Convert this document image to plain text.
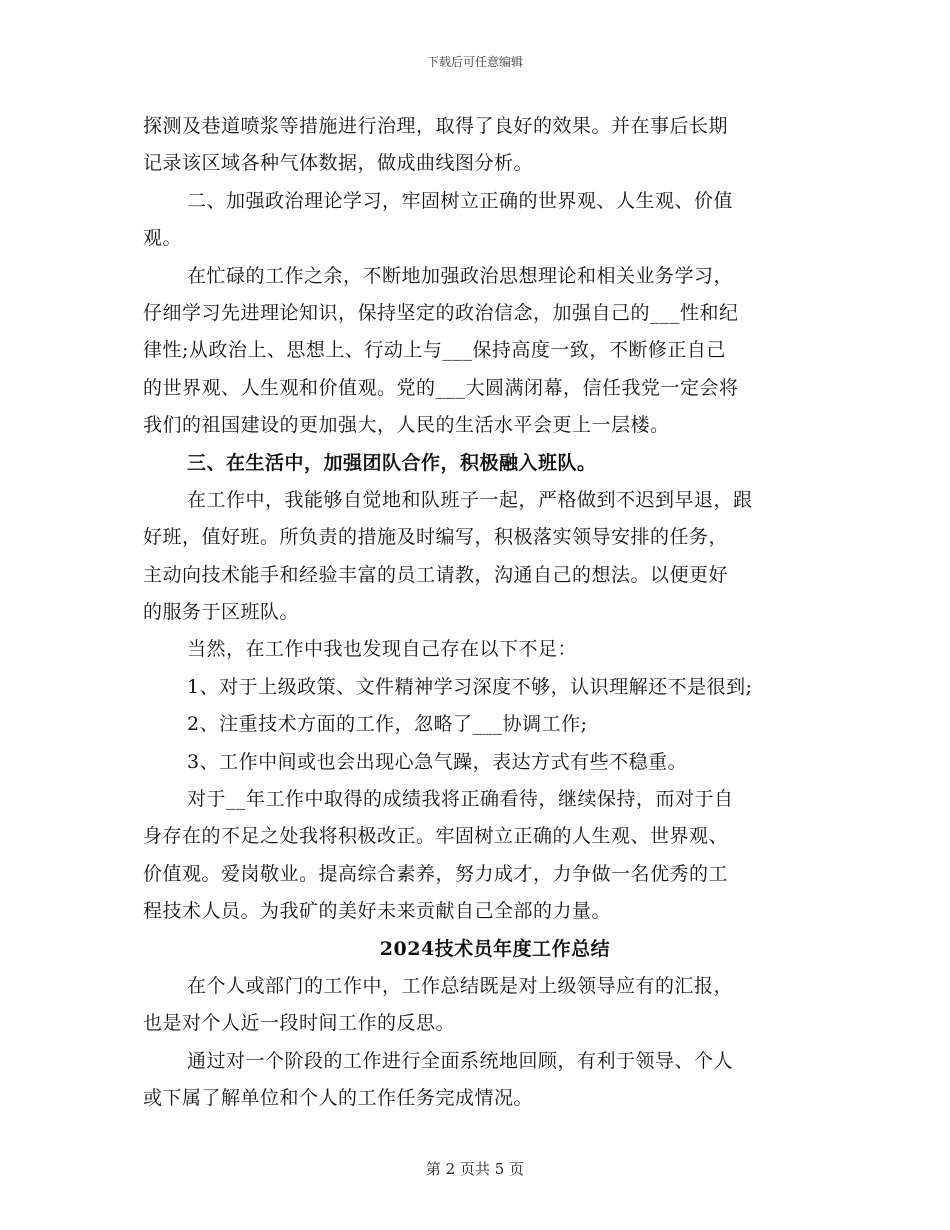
下载后可任意编辑
探测及巷道喷浆等措施进行治理，取得了良好的效果。并在事后长期
记录该区域各种气体数据，做成曲线图分析。
二、加强政治理论学习，牢固树立正确的世界观、人生观、价值
观。
在忙碌的工作之余，不断地加强政治思想理论和相关业务学习，
仔细学习先进理论知识，保持坚定的政治信念，加强自己的___性和纪
律性;从政治上、思想上、行动上与___保持高度一致，不断修正自己
的世界观、人生观和价值观。党的___大圆满闭幕，信任我党一定会将
我们的祖国建设的更加强大，人民的生活水平会更上一层楼。
三、在生活中，加强团队合作，积极融入班队。
在工作中，我能够自觉地和队班子一起，严格做到不迟到早退，跟
好班，值好班。所负责的措施及时编写，积极落实领导安排的任务，
主动向技术能手和经验丰富的员工请教，沟通自己的想法。以便更好
的服务于区班队。
当然，在工作中我也发现自己存在以下不足：
1、对于上级政策、文件精神学习深度不够，认识理解还不是很到;
2、注重技术方面的工作，忽略了___协调工作;
3、工作中间或也会出现心急气躁，表达方式有些不稳重。
对于__年工作中取得的成绩我将正确看待，继续保持，而对于自
身存在的不足之处我将积极改正。牢固树立正确的人生观、世界观、
价值观。爱岗敬业。提高综合素养，努力成才，力争做一名优秀的工
程技术人员。为我矿的美好未来贡献自己全部的力量。
2024技术员年度工作总结
在个人或部门的工作中，工作总结既是对上级领导应有的汇报，
也是对个人近一段时间工作的反思。
通过对一个阶段的工作进行全面系统地回顾，有利于领导、个人
或下属了解单位和个人的工作任务完成情况。
第 2 页共 5 页
